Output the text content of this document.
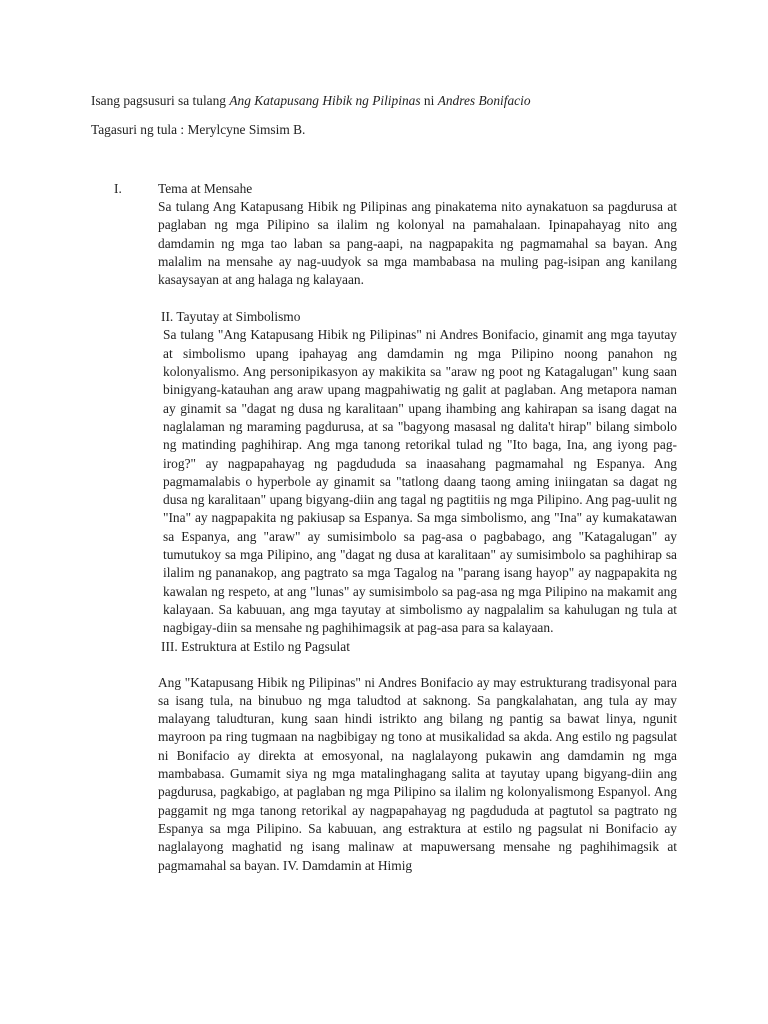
Isang pagsusuri sa tulang Ang Katapusang Hibik ng Pilipinas ni Andres Bonifacio
Tagasuri ng tula : Merylcyne Simsim B.
I.	Tema at Mensahe

Sa tulang Ang Katapusang Hibik ng Pilipinas ang pinakatema nito aynakatuon sa pagdurusa at paglaban ng mga Pilipino sa ilalim ng kolonyal na pamahalaan. Ipinapahayag nito ang damdamin ng mga tao laban sa pang-aapi, na nagpapakita ng pagmamahal sa bayan. Ang malalim na mensahe ay nag-uudyok sa mga mambabasa na muling pag-isipan ang kanilang kasaysayan at ang halaga ng kalayaan.

II. Tayutay at Simbolismo

Sa tulang "Ang Katapusang Hibik ng Pilipinas" ni Andres Bonifacio, ginamit ang mga tayutay at simbolismo upang ipahayag ang damdamin ng mga Pilipino noong panahon ng kolonyalismo. Ang personipikasyon ay makikita sa "araw ng poot ng Katagalugan" kung saan binigyang-katauhan ang araw upang magpahiwatig ng galit at paglaban. Ang metapora naman ay ginamit sa "dagat ng dusa ng karalitaan" upang ihambing ang kahirapan sa isang dagat na naglalaman ng maraming pagdurusa, at sa "bagyong masasal ng dalita't hirap" bilang simbolo ng matinding paghihirap. Ang mga tanong retorikal tulad ng "Ito baga, Ina, ang iyong pag-irog?" ay nagpapahayag ng pagdududa sa inaasahang pagmamahal ng Espanya. Ang pagmamalabis o hyperbole ay ginamit sa "tatlong daang taong aming iniingatan sa dagat ng dusa ng karalitaan" upang bigyang-diin ang tagal ng pagtitiis ng mga Pilipino. Ang pag-uulit ng "Ina" ay nagpapakita ng pakiusap sa Espanya. Sa mga simbolismo, ang "Ina" ay kumakatawan sa Espanya, ang "araw" ay sumisimbolo sa pag-asa o pagbabago, ang "Katagalugan" ay tumutukoy sa mga Pilipino, ang "dagat ng dusa at karalitaan" ay sumisimbolo sa paghihirap sa ilalim ng pananakop, ang pagtrato sa mga Tagalog na "parang isang hayop" ay nagpapakita ng kawalan ng respeto, at ang "lunas" ay sumisimbolo sa pag-asa ng mga Pilipino na makamit ang kalayaan. Sa kabuuan, ang mga tayutay at simbolismo ay nagpalalim sa kahulugan ng tula at nagbigay-diin sa mensahe ng paghihimagsik at pag-asa para sa kalayaan.

III. Estruktura at Estilo ng Pagsulat

Ang "Katapusang Hibik ng Pilipinas" ni Andres Bonifacio ay may estrukturang tradisyonal para sa isang tula, na binubuo ng mga taludtod at saknong. Sa pangkalahatan, ang tula ay may malayang taludturan, kung saan hindi istrikto ang bilang ng pantig sa bawat linya, ngunit mayroon pa ring tugmaan na nagbibigay ng tono at musikalidad sa akda. Ang estilo ng pagsulat ni Bonifacio ay direkta at emosyonal, na naglalayong pukawin ang damdamin ng mga mambabasa. Gumamit siya ng mga matalinghagang salita at tayutay upang bigyang-diin ang pagdurusa, pagkabigo, at paglaban ng mga Pilipino sa ilalim ng kolonyalismong Espanyol. Ang paggamit ng mga tanong retorikal ay nagpapahayag ng pagdududa at pagtutol sa pagtrato ng Espanya sa mga Pilipino. Sa kabuuan, ang estraktura at estilo ng pagsulat ni Bonifacio ay naglalayong maghatid ng isang malinaw at mapuwersang mensahe ng paghihimagsik at pagmamahal sa bayan. IV. Damdamin at Himig
